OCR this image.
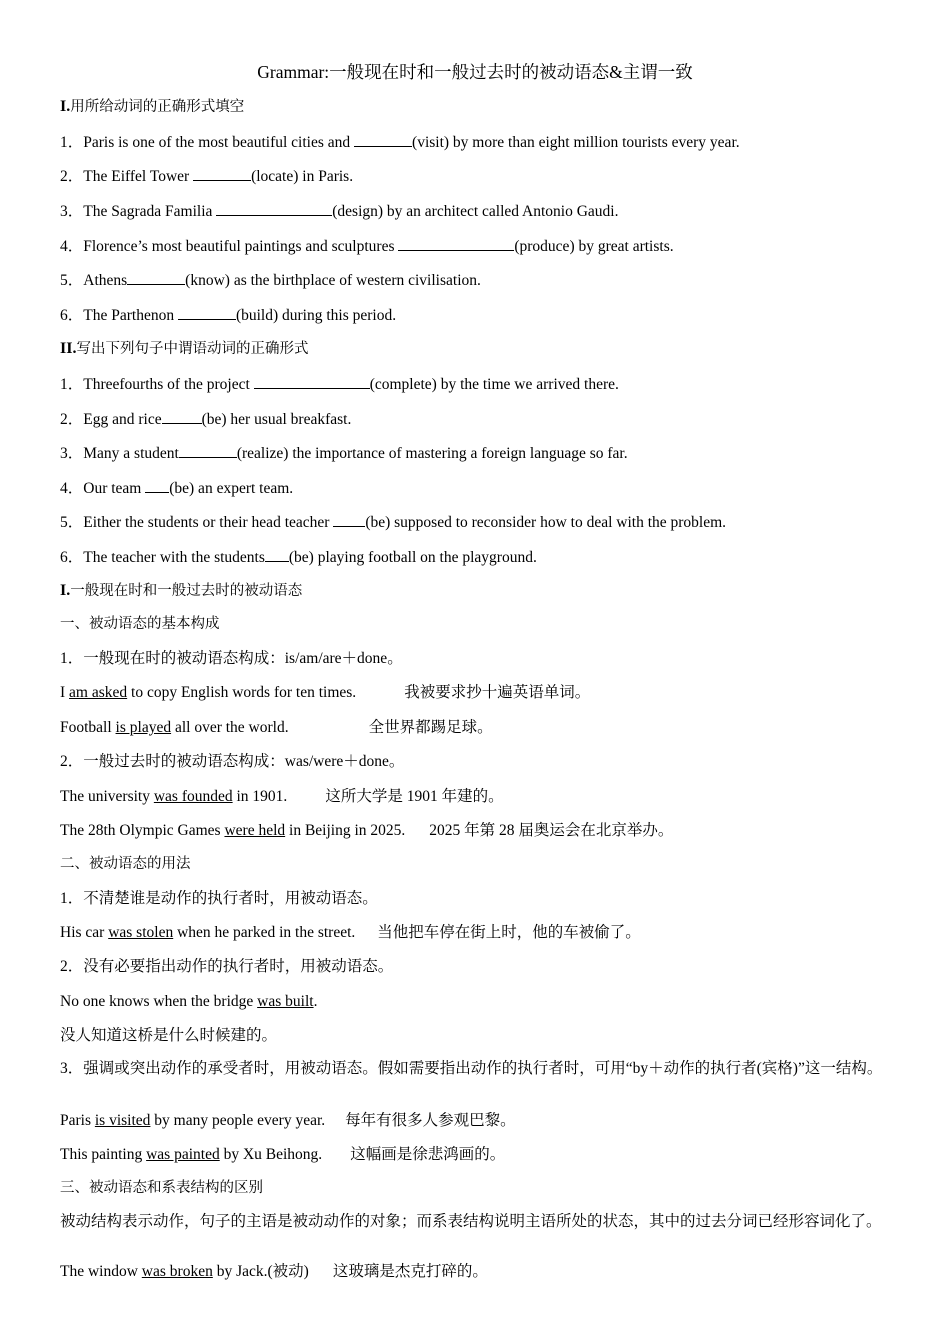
Grammar:一般现在时和一般过去时的被动语态&主谓一致
I.用所给动词的正确形式填空
1．Paris is one of the most beautiful cities and	(visit) by more than eight million tourists every year.
2．The Eiffel Tower	(locate) in Paris.
3．The Sagrada Familia	(design) by an architect called Antonio Gaudi.
4．Florence’s most beautiful paintings and sculptures	(produce) by great artists.
5．Athens	(know) as the birthplace of western civilisation.
6．The Parthenon	(build) during this period.
II.写出下列句子中谓语动词的正确形式
1．Threefourths of the project	(complete) by the time we arrived there.
2．Egg and rice	(be) her usual breakfast.
3．Many a student	(realize) the importance of mastering a foreign language so far.
4．Our team (be) an expert team.
5．Either the students or their head teacher (be) supposed to reconsider how to deal with the problem.
6．The teacher with the students (be) playing football on the playground.
I.一般现在时和一般过去时的被动语态
一、被动语态的基本构成
1．一般现在时的被动语态构成：is/am/are＋done。
I am asked to copy English words for ten times.	我被要求抄十遍英语单词。
Football is played all over the world.	全世界都踢足球。
2．一般过去时的被动语态构成：was/were＋done。
The university was founded in 1901. 这所大学是 1901 年建的。
The 28th Olympic Games were held in Beijing in 2025. 2025 年第 28 届奥运会在北京举办。
二、被动语态的用法
1．不清楚谁是动作的执行者时，用被动语态。
His car was stolen when he parked in the street. 当他把车停在街上时，他的车被偷了。
2．没有必要指出动作的执行者时，用被动语态。
No one knows when the bridge was built.
没人知道这桥是什么时候建的。
3．强调或突出动作的承受者时，用被动语态。假如需要指出动作的执行者时，可用“by＋动作的执行者(宾格)”这一结构。
Paris is visited by many people every year. 每年有很多人参观巴黎。
This painting was painted by Xu Beihong. 这幅画是徐悲鸿画的。
三、被动语态和系表结构的区别
被动结构表示动作，句子的主语是被动动作的对象；而系表结构说明主语所处的状态，其中的过去分词已经形容词化了。
The window was broken by Jack.(被动) 这玻璃是杰克打碎的。
